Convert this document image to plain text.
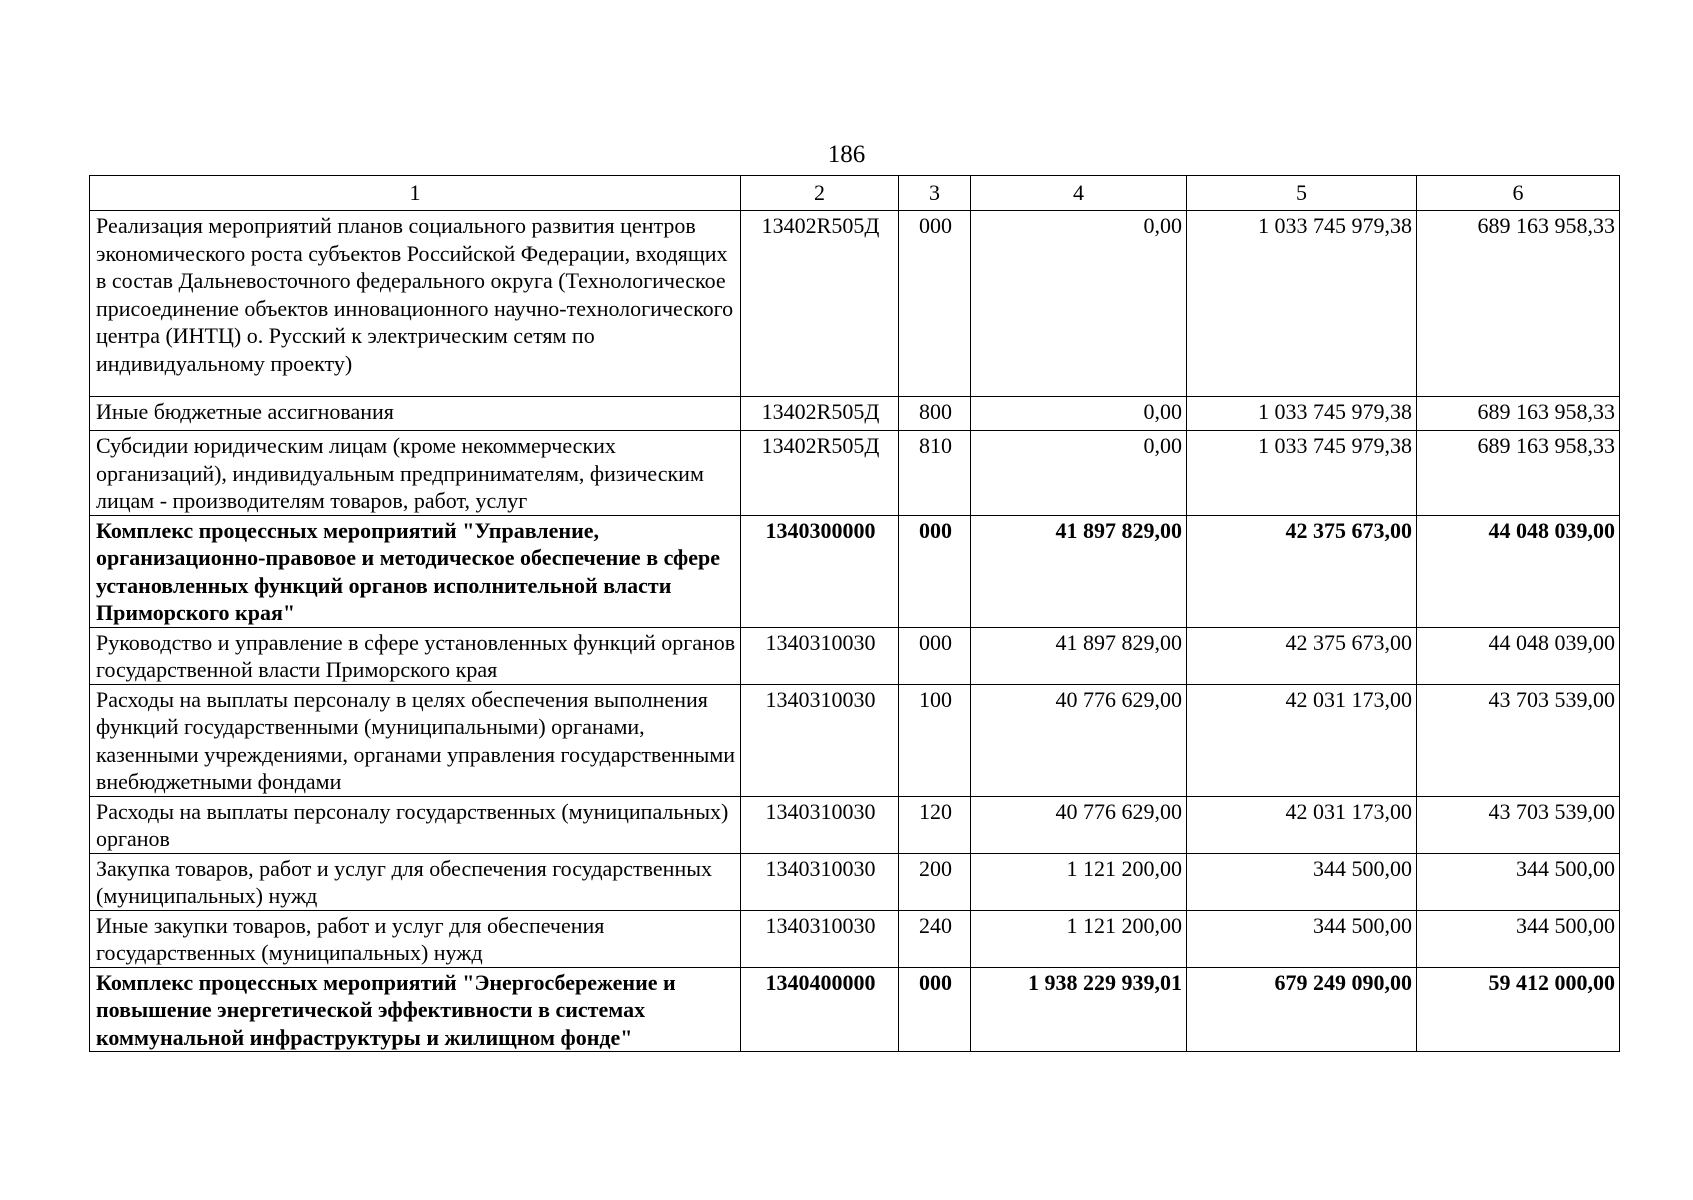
186
1	2	3	4	5	6
Реализация мероприятий планов социального развития центров экономического роста субъектов Российской Федерации, входящих в состав Дальневосточного федерального округа (Технологическое присоединение объектов инновационного научно-технологического центра (ИНТЦ) о. Русский к электрическим сетям по индивидуальному проекту)	13402R505Д	000	0,00	1 033 745 979,38	689 163 958,33
Иные бюджетные ассигнования	13402R505Д	800	0,00	1 033 745 979,38	689 163 958,33
Субсидии юридическим лицам (кроме некоммерческих организаций), индивидуальным предпринимателям, физическим лицам - производителям товаров, работ, услуг	13402R505Д	810	0,00	1 033 745 979,38	689 163 958,33
Комплекс процессных мероприятий "Управление, организационно-правовое и методическое обеспечение в сфере установленных функций органов исполнительной власти Приморского края"	1340300000	000	41 897 829,00	42 375 673,00	44 048 039,00
Руководство и управление в сфере установленных функций органов государственной власти Приморского края	1340310030	000	41 897 829,00	42 375 673,00	44 048 039,00
Расходы на выплаты персоналу в целях обеспечения выполнения функций государственными (муниципальными) органами, казенными учреждениями, органами управления государственными внебюджетными фондами	1340310030	100	40 776 629,00	42 031 173,00	43 703 539,00
Расходы на выплаты персоналу государственных (муниципальных) органов	1340310030	120	40 776 629,00	42 031 173,00	43 703 539,00
Закупка товаров, работ и услуг для обеспечения государственных (муниципальных) нужд	1340310030	200	1 121 200,00	344 500,00	344 500,00
Иные закупки товаров, работ и услуг для обеспечения государственных (муниципальных) нужд	1340310030	240	1 121 200,00	344 500,00	344 500,00
Комплекс процессных мероприятий "Энергосбережение и повышение энергетической эффективности в системах коммунальной инфраструктуры и жилищном фонде"	1340400000	000	1 938 229 939,01	679 249 090,00	59 412 000,00
